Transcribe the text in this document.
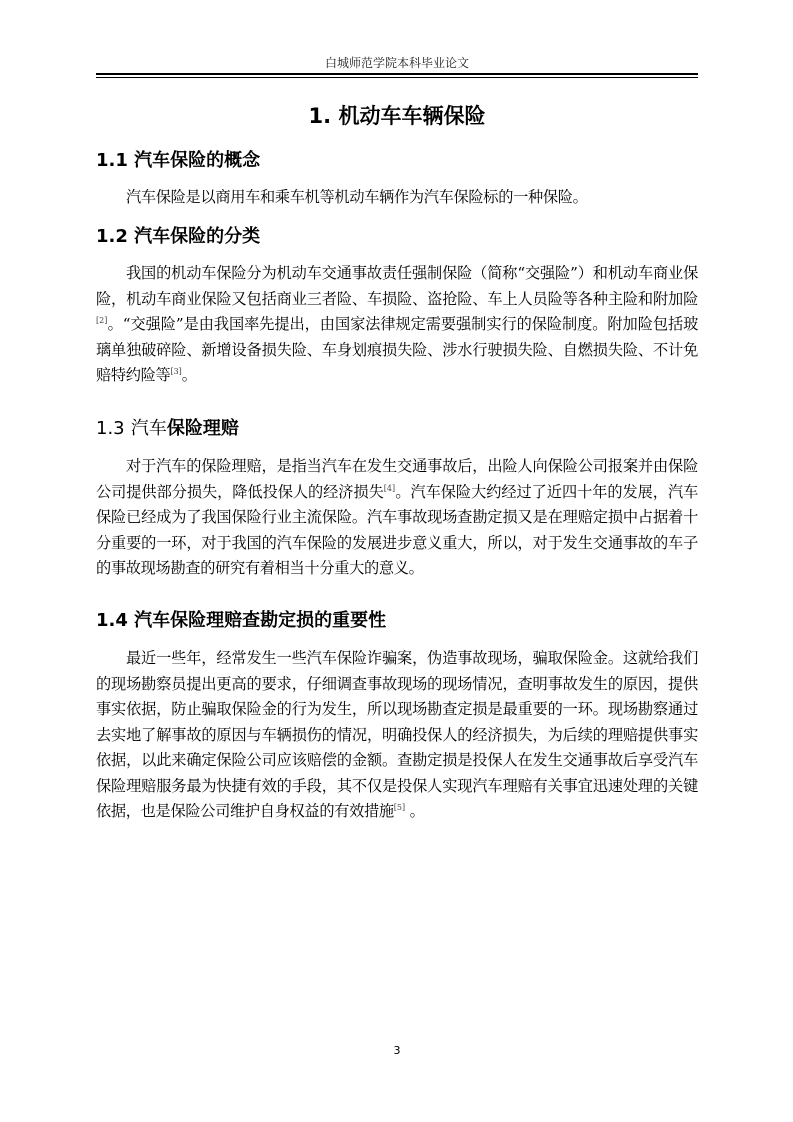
白城师范学院本科毕业论文
1. 机动车车辆保险
1.1 汽车保险的概念

汽车保险是以商用车和乘车机等机动车辆作为汽车保险标的一种保险。

1.2 汽车保险的分类

我国的机动车保险分为机动车交通事故责任强制保险（简称“交强险”）和机动车商业保险，机动车商业保险又包括商业三者险、车损险、盗抢险、车上人员险等各种主险和附加险[2]。“交强险”是由我国率先提出，由国家法律规定需要强制实行的保险制度。附加险包括玻璃单独破碎险、新增设备损失险、车身划痕损失险、涉水行驶损失险、自燃损失险、不计免赔特约险等[3]。

1.3 汽车保险理赔

对于汽车的保险理赔，是指当汽车在发生交通事故后，出险人向保险公司报案并由保险公司提供部分损失，降低投保人的经济损失[4]。汽车保险大约经过了近四十年的发展，汽车保险已经成为了我国保险行业主流保险。汽车事故现场查勘定损又是在理赔定损中占据着十分重要的一环，对于我国的汽车保险的发展进步意义重大，所以，对于发生交通事故的车子的事故现场勘查的研究有着相当十分重大的意义。

1.4 汽车保险理赔查勘定损的重要性

最近一些年，经常发生一些汽车保险诈骗案，伪造事故现场，骗取保险金。这就给我们的现场勘察员提出更高的要求，仔细调查事故现场的现场情况，查明事故发生的原因，提供事实依据，防止骗取保险金的行为发生，所以现场勘查定损是最重要的一环。现场勘察通过去实地了解事故的原因与车辆损伤的情况，明确投保人的经济损失，为后续的理赔提供事实依据，以此来确定保险公司应该赔偿的金额。查勘定损是投保人在发生交通事故后享受汽车保险理赔服务最为快捷有效的手段，其不仅是投保人实现汽车理赔有关事宜迅速处理的关键依据，也是保险公司维护自身权益的有效措施[5] 。

3
